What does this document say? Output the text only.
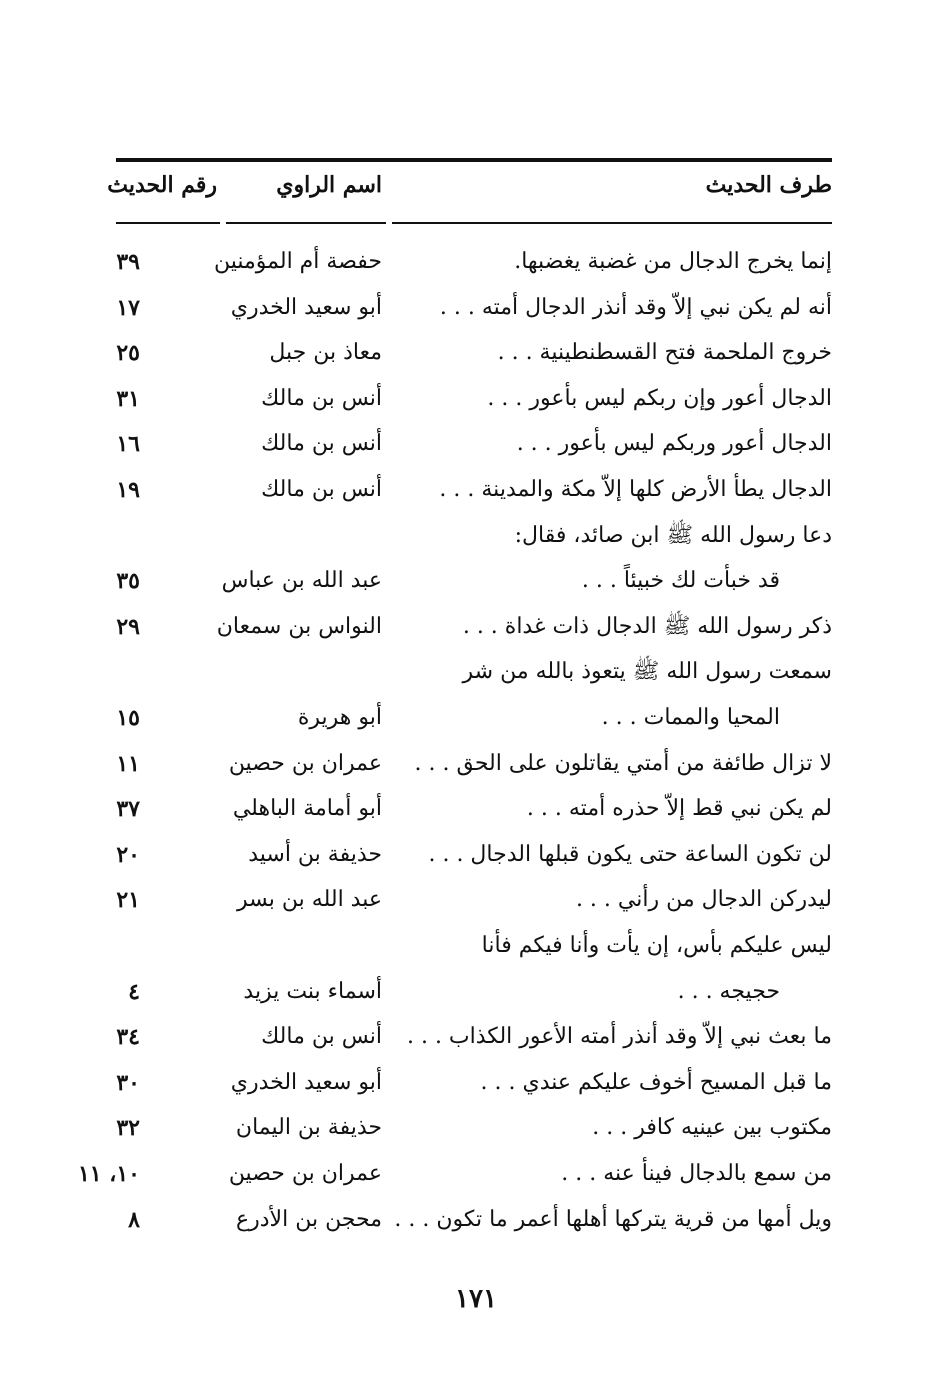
طرف الحديث
اسم الراوي
رقم الحديث
إنما يخرج الدجال من غضبة يغضبها.
حفصة أم المؤمنين
٣٩
أنه لم يكن نبي إلاّ وقد أنذر الدجال أمته . . .
أبو سعيد الخدري
١٧
خروج الملحمة فتح القسطنطينية . . .
معاذ بن جبل
٢٥
الدجال أعور وإن ربكم ليس بأعور . . .
أنس بن مالك
٣١
الدجال أعور وربكم ليس بأعور . . .
أنس بن مالك
١٦
الدجال يطأ الأرض كلها إلاّ مكة والمدينة . . .
أنس بن مالك
١٩
دعا رسول الله ﷺ ابن صائد، فقال:
قد خبأت لك خبيئاً . . .
عبد الله بن عباس
٣٥
ذكر رسول الله ﷺ الدجال ذات غداة . . .
النواس بن سمعان
٢٩
سمعت رسول الله ﷺ يتعوذ بالله من شر
المحيا والممات . . .
أبو هريرة
١٥
لا تزال طائفة من أمتي يقاتلون على الحق . . .
عمران بن حصين
١١
لم يكن نبي قط إلاّ حذره أمته . . .
أبو أمامة الباهلي
٣٧
لن تكون الساعة حتى يكون قبلها الدجال . . .
حذيفة بن أسيد
٢٠
ليدركن الدجال من رأني . . .
عبد الله بن بسر
٢١
ليس عليكم بأس، إن يأت وأنا فيكم فأنا
حجيجه . . .
أسماء بنت يزيد
٤
ما بعث نبي إلاّ وقد أنذر أمته الأعور الكذاب . . .
أنس بن مالك
٣٤
ما قبل المسيح أخوف عليكم عندي . . .
أبو سعيد الخدري
٣٠
مكتوب بين عينيه كافر . . .
حذيفة بن اليمان
٣٢
من سمع بالدجال فينأ عنه . . .
عمران بن حصين
١٠، ١١
ويل أمها من قرية يتركها أهلها أعمر ما تكون . . .
محجن بن الأدرع
٨
١٧١
